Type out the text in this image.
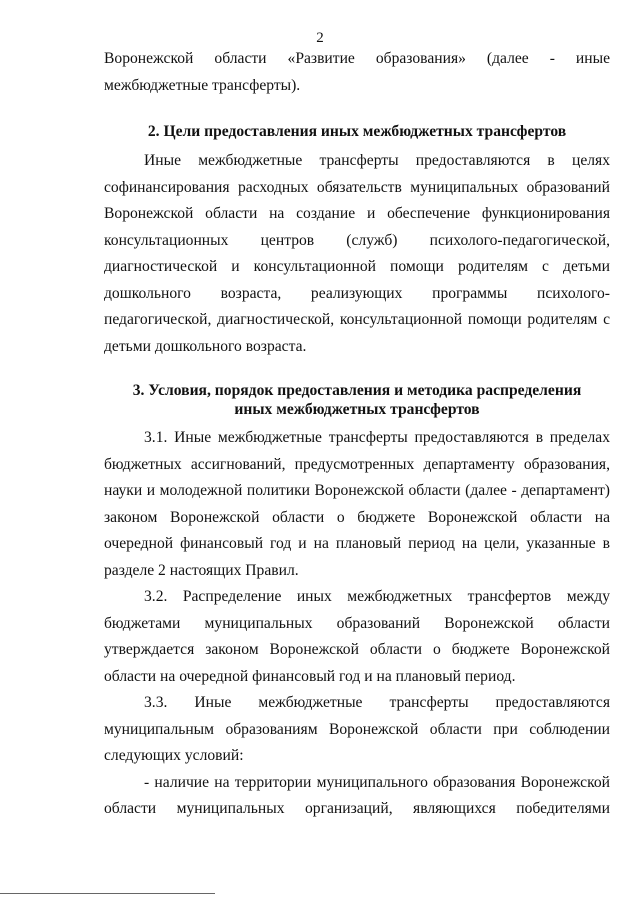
2

Воронежской области «Развитие образования» (далее - иные межбюджетные трансферты).

2. Цели предоставления иных межбюджетных трансфертов

Иные межбюджетные трансферты предоставляются в целях софинансирования расходных обязательств муниципальных образований Воронежской области на создание и обеспечение функционирования консультационных центров (служб) психолого-педагогической, диагностической и консультационной помощи родителям с детьми дошкольного возраста, реализующих программы психолого-педагогической, диагностической, консультационной помощи родителям с детьми дошкольного возраста.

3. Условия, порядок предоставления и методика распределения
иных межбюджетных трансфертов

3.1. Иные межбюджетные трансферты предоставляются в пределах бюджетных ассигнований, предусмотренных департаменту образования, науки и молодежной политики Воронежской области (далее - департамент) законом Воронежской области о бюджете Воронежской области на очередной финансовый год и на плановый период на цели, указанные в разделе 2 настоящих Правил.

3.2. Распределение иных межбюджетных трансфертов между бюджетами муниципальных образований Воронежской области утверждается законом Воронежской области о бюджете Воронежской области на очередной финансовый год и на плановый период.

3.3. Иные межбюджетные трансферты предоставляются муниципальным образованиям Воронежской области при соблюдении следующих условий:

- наличие на территории муниципального образования Воронежской области муниципальных организаций, являющихся победителями
